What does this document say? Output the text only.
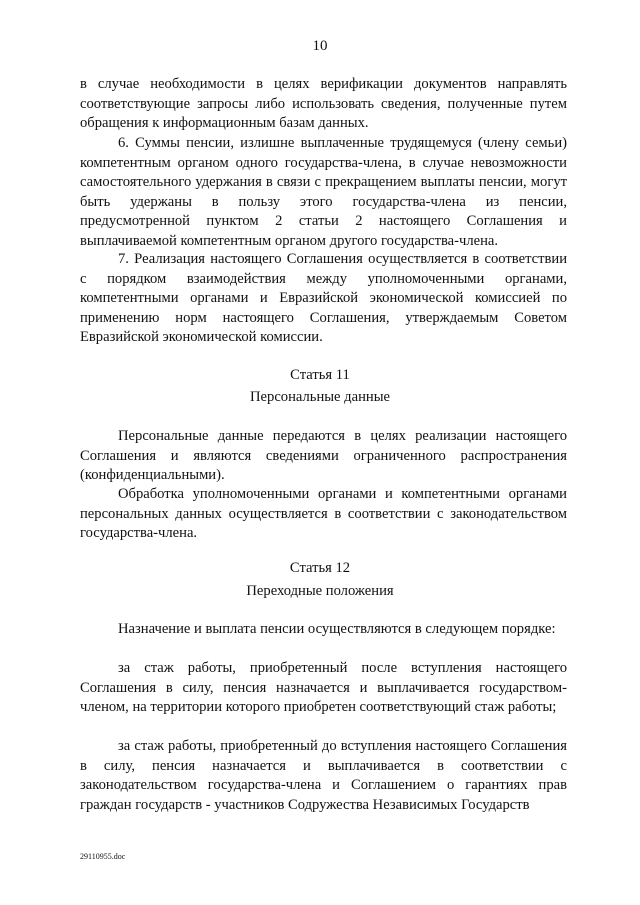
10
в случае необходимости в целях верификации документов направлять соответствующие запросы либо использовать сведения, полученные путем обращения к информационным базам данных.
6. Суммы пенсии, излишне выплаченные трудящемуся (члену семьи) компетентным органом одного государства-члена, в случае невозможности самостоятельного удержания в связи с прекращением выплаты пенсии, могут быть удержаны в пользу этого государства-члена из пенсии, предусмотренной пунктом 2 статьи 2 настоящего Соглашения и выплачиваемой компетентным органом другого государства-члена.
7. Реализация настоящего Соглашения осуществляется в соответствии с порядком взаимодействия между уполномоченными органами, компетентными органами и Евразийской экономической комиссией по применению норм настоящего Соглашения, утверждаемым Советом Евразийской экономической комиссии.
Статья 11
Персональные данные
Персональные данные передаются в целях реализации настоящего Соглашения и являются сведениями ограниченного распространения (конфиденциальными).
Обработка уполномоченными органами и компетентными органами персональных данных осуществляется в соответствии с законодательством государства-члена.
Статья 12
Переходные положения
Назначение и выплата пенсии осуществляются в следующем порядке:
за стаж работы, приобретенный после вступления настоящего Соглашения в силу, пенсия назначается и выплачивается государством-членом, на территории которого приобретен соответствующий стаж работы;
за стаж работы, приобретенный до вступления настоящего Соглашения в силу, пенсия назначается и выплачивается в соответствии с законодательством государства-члена и Соглашением о гарантиях прав граждан государств - участников Содружества Независимых Государств
29110955.doc
